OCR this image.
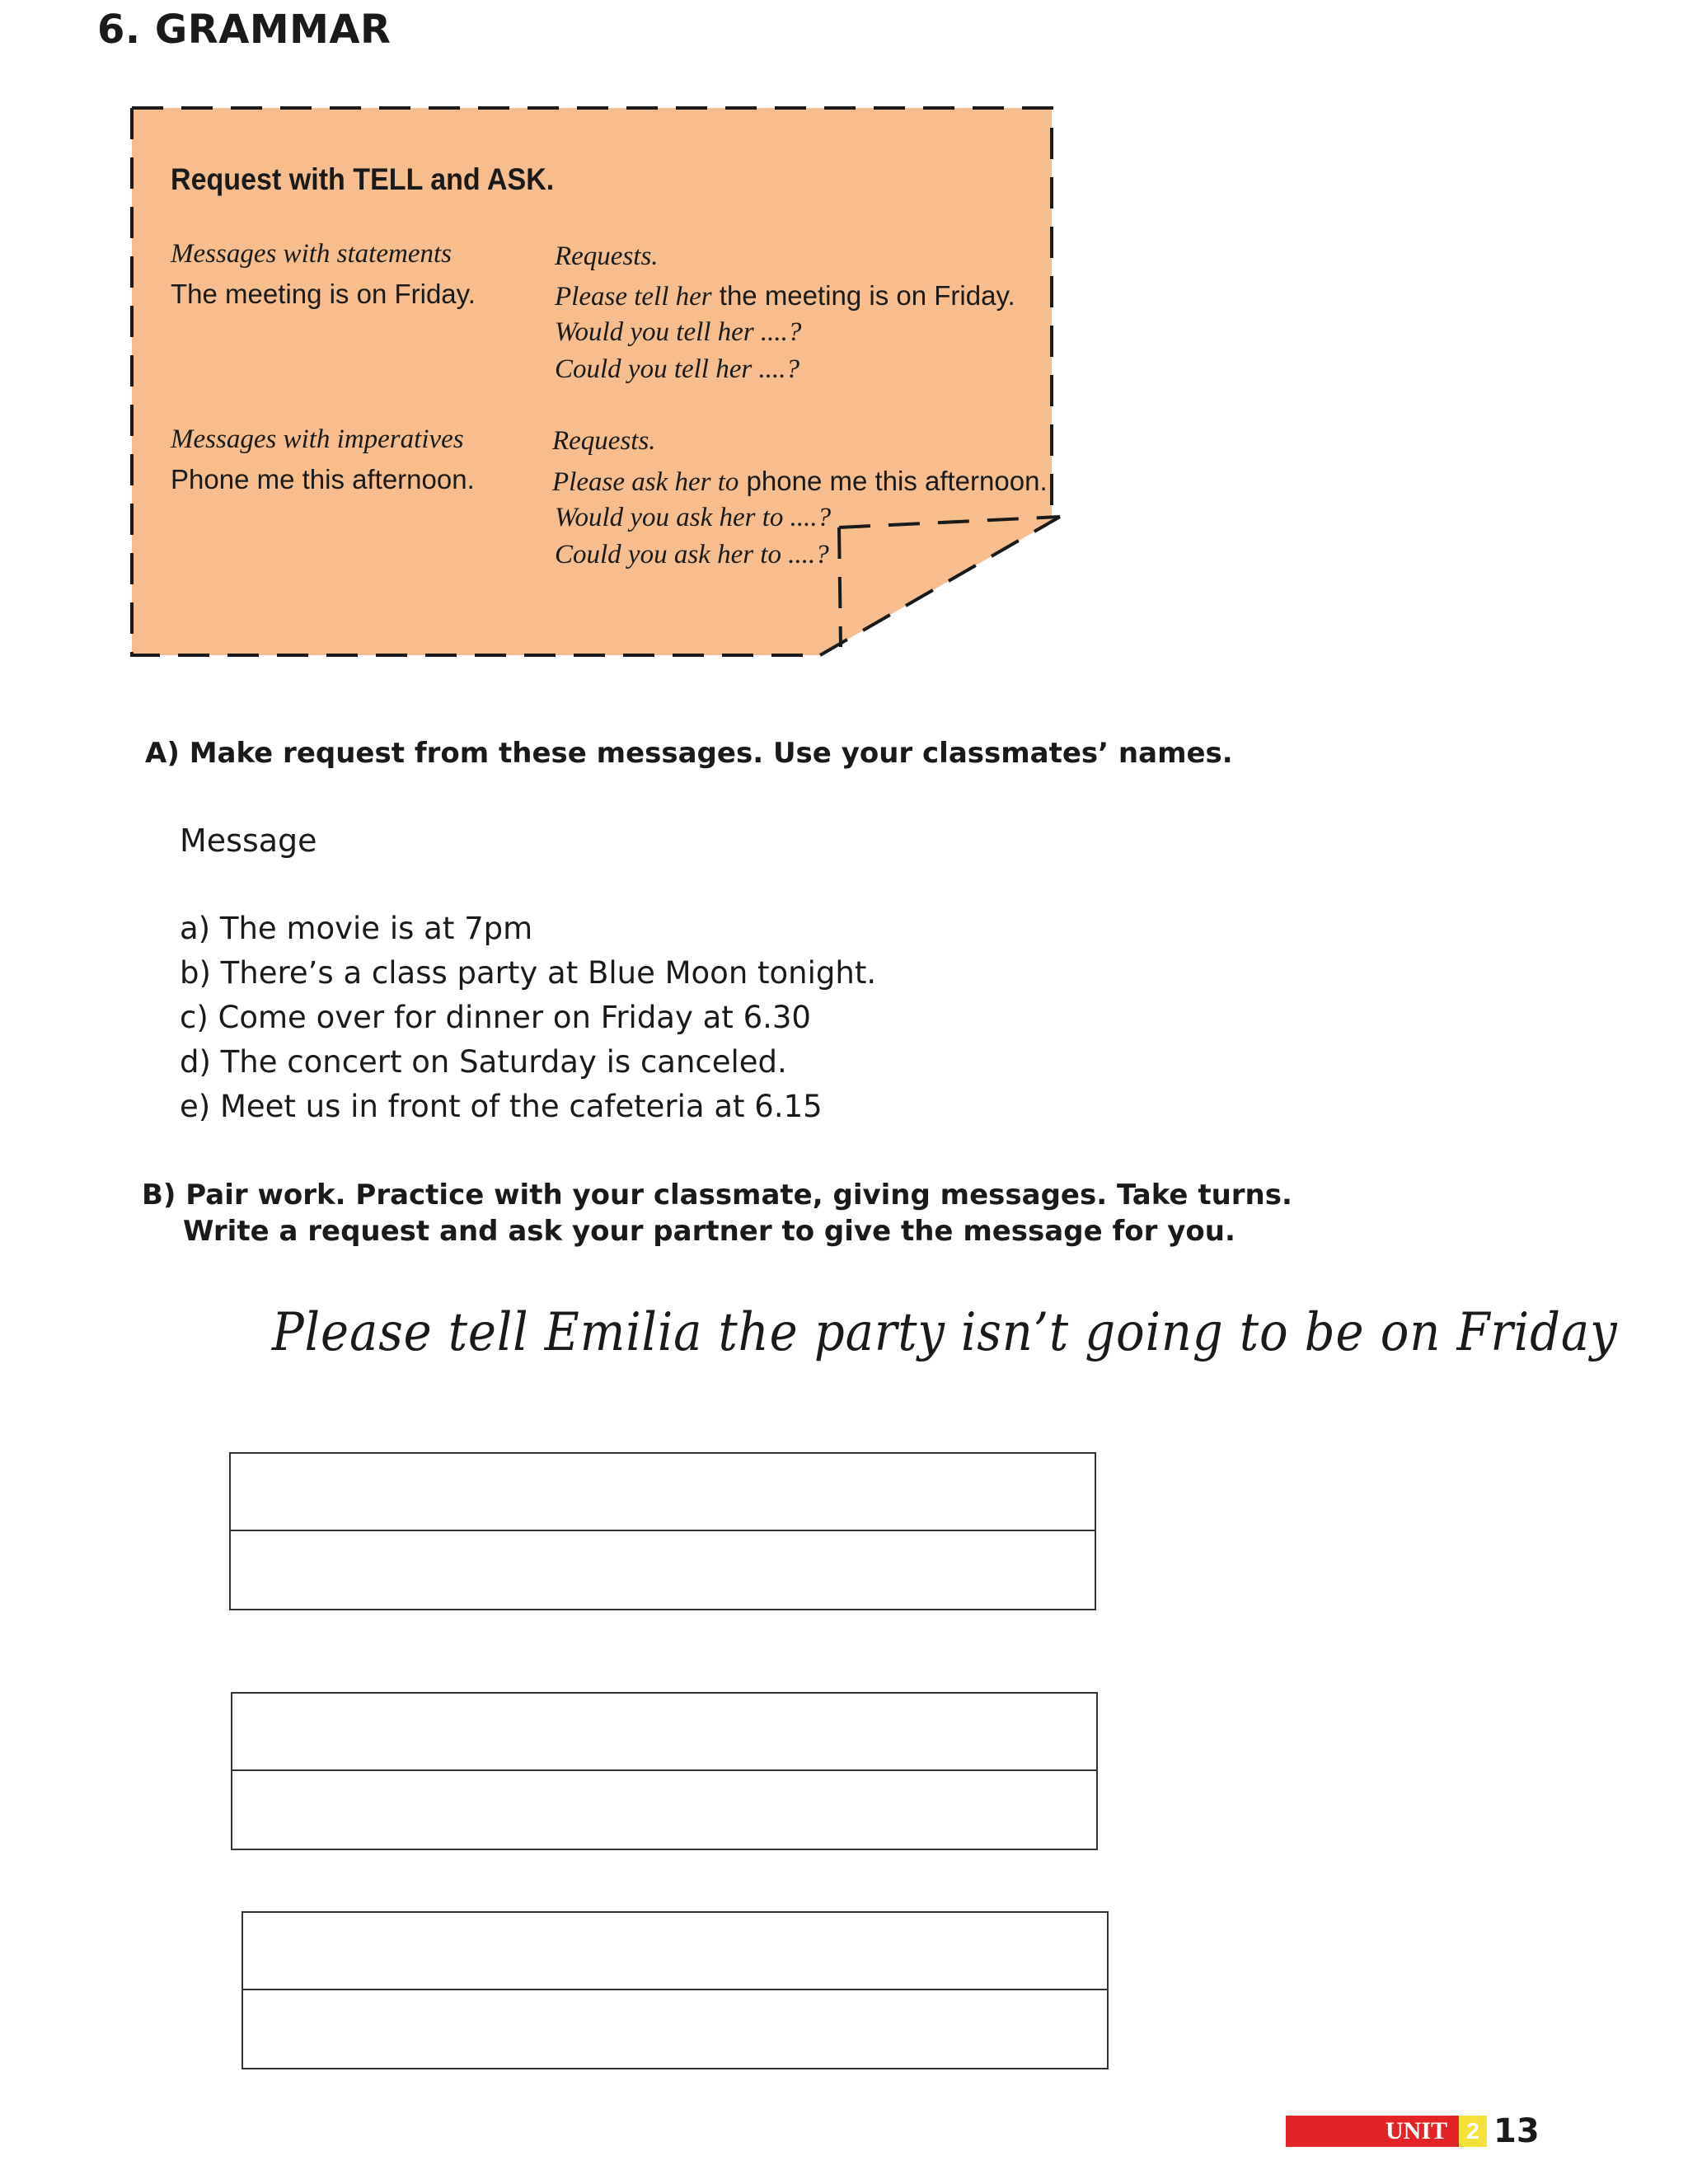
6. GRAMMAR
Request with TELL and ASK.
Messages with statements
The meeting is on Friday.
Requests.
Please tell her the meeting is on Friday.
Would you tell her ....?
Could you tell her ....?
Messages with imperatives
Phone me this afternoon.
Requests.
Please ask her to phone me this afternoon.
Would you ask her to ....?
Could you ask her to ....?
A) Make request from these messages. Use your classmates’ names.
Message
a) The movie is at 7pm
b) There’s a class party at Blue Moon tonight.
c) Come over for dinner on Friday at 6.30
d) The concert on Saturday is canceled.
e) Meet us in front of the cafeteria at 6.15
B) Pair work. Practice with your classmate, giving messages. Take turns.
Write a request and ask your partner to give the message for you.
Please tell Emilia the party isn’t going to be on Friday
UNIT 2 13
